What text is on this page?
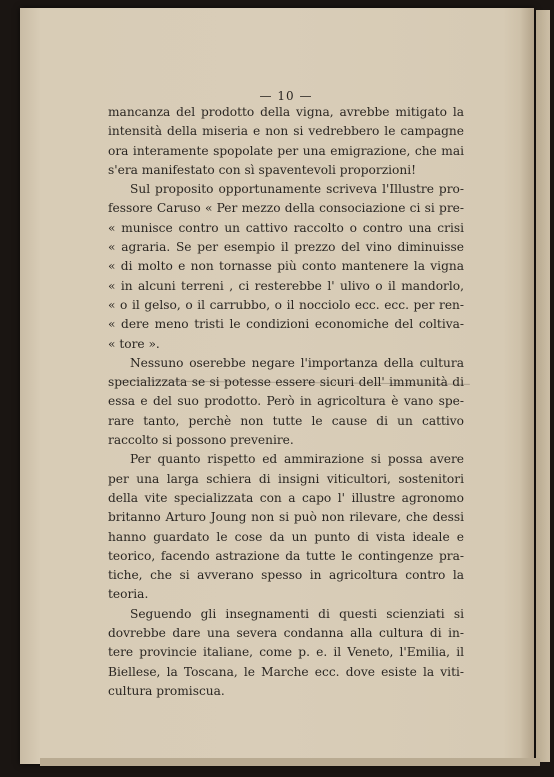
— 10 —
mancanza del prodotto della vigna, avrebbe mitigato la
intensità della miseria e non si vedrebbero le campagne
ora interamente spopolate per una emigrazione, che mai
s'era manifestato con sì spaventevoli proporzioni!
Sul proposito opportunamente scriveva l'Illustre pro-
fessore Caruso « Per mezzo della consociazione ci si pre-
« munisce contro un cattivo raccolto o contro una crisi
« agraria. Se per esempio il prezzo del vino diminuisse
« di molto e non tornasse più conto mantenere la vigna
« in alcuni terreni , ci resterebbe l' ulivo o il mandorlo,
« o il gelso, o il carrubbo, o il nocciolo ecc. ecc. per ren-
« dere meno tristi le condizioni economiche del coltiva-
« tore ».
Nessuno oserebbe negare l'importanza della cultura
specializzata se si potesse essere sicuri dell' immunità di
essa e del suo prodotto. Però in agricoltura è vano spe-
rare tanto, perchè non tutte le cause di un cattivo
raccolto si possono prevenire.
Per quanto rispetto ed ammirazione si possa avere
per una larga schiera di insigni viticultori, sostenitori
della vite specializzata con a capo l' illustre agronomo
britanno Arturo Joung non si può non rilevare, che dessi
hanno guardato le cose da un punto di vista ideale e
teorico, facendo astrazione da tutte le contingenze pra-
tiche, che si avverano spesso in agricoltura contro la
teoria.
Seguendo gli insegnamenti di questi scienziati si
dovrebbe dare una severa condanna alla cultura di in-
tere provincie italiane, come p. e. il Veneto, l'Emilia, il
Biellese, la Toscana, le Marche ecc. dove esiste la viti-
cultura promiscua.
